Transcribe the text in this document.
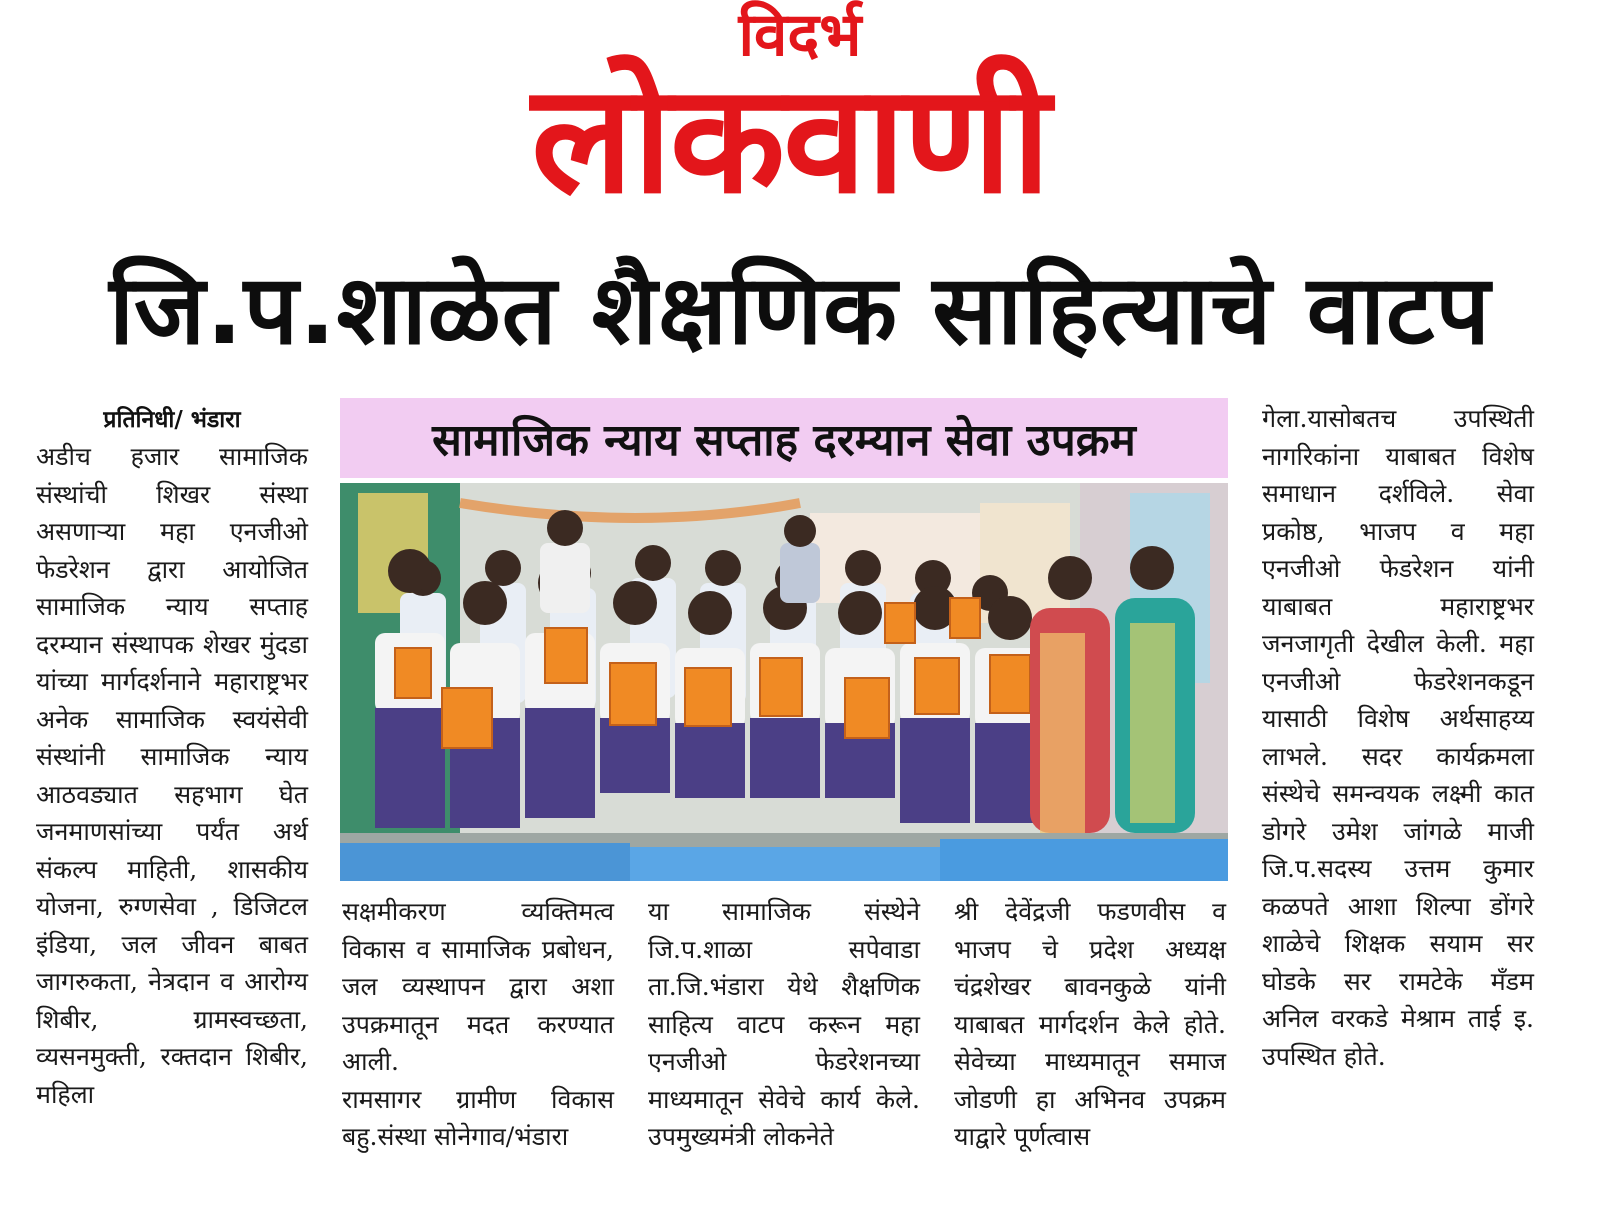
विदर्भ
लोकवाणी
जि.प.शाळेत शैक्षणिक साहित्याचे वाटप
प्रतिनिधी/ भंडारा

अडीच हजार सामाजिक संस्थांची शिखर संस्था असणाऱ्या महा एनजीओ फेडरेशन द्वारा आयोजित सामाजिक न्याय सप्ताह दरम्यान संस्थापक शेखर मुंदडा यांच्या मार्गदर्शनाने महाराष्ट्रभर अनेक सामाजिक स्वयंसेवी संस्थांनी सामाजिक न्याय आठवड्यात सहभाग घेत जनमाणसांच्या पर्यंत अर्थ संकल्प माहिती, शासकीय योजना, रुग्णसेवा , डिजिटल इंडिया, जल जीवन बाबत जागरुकता, नेत्रदान व आरोग्य शिबीर, ग्रामस्वच्छता, व्यसनमुक्ती, रक्तदान शिबीर, महिला

सामाजिक न्याय सप्ताह दरम्यान सेवा उपक्रम

सक्षमीकरण व्यक्तिमत्व विकास व सामाजिक प्रबोधन, जल व्यस्थापन द्वारा अशा उपक्रमातून मदत करण्यात आली.

रामसागर ग्रामीण विकास बहु.संस्था सोनेगाव/भंडारा

या सामाजिक संस्थेने जि.प.शाळा सपेवाडा ता.जि.भंडारा येथे शैक्षणिक साहित्य वाटप करून महा एनजीओ फेडरेशनच्या माध्यमातून सेवेचे कार्य केले. उपमुख्यमंत्री लोकनेते

श्री देवेंद्रजी फडणवीस व भाजप चे प्रदेश अध्यक्ष चंद्रशेखर बावनकुळे यांनी याबाबत मार्गदर्शन केले होते. सेवेच्या माध्यमातून समाज जोडणी हा अभिनव उपक्रम याद्वारे पूर्णत्वास

गेला.यासोबतच उपस्थिती नागरिकांना याबाबत विशेष समाधान दर्शविले. सेवा प्रकोष्ठ, भाजप व महा एनजीओ फेडरेशन यांनी याबाबत महाराष्ट्रभर जनजागृती देखील केली. महा एनजीओ फेडरेशनकडून यासाठी विशेष अर्थसाहय्य लाभले. सदर कार्यक्रमला संस्थेचे समन्वयक लक्ष्मी कात डोगरे उमेश जांगळे माजी जि.प.सदस्य उत्तम कुमार कळपते आशा शिल्पा डोंगरे शाळेचे शिक्षक सयाम सर घोडके सर रामटेके मँडम अनिल वरकडे मेश्राम ताई इ. उपस्थित होते.
